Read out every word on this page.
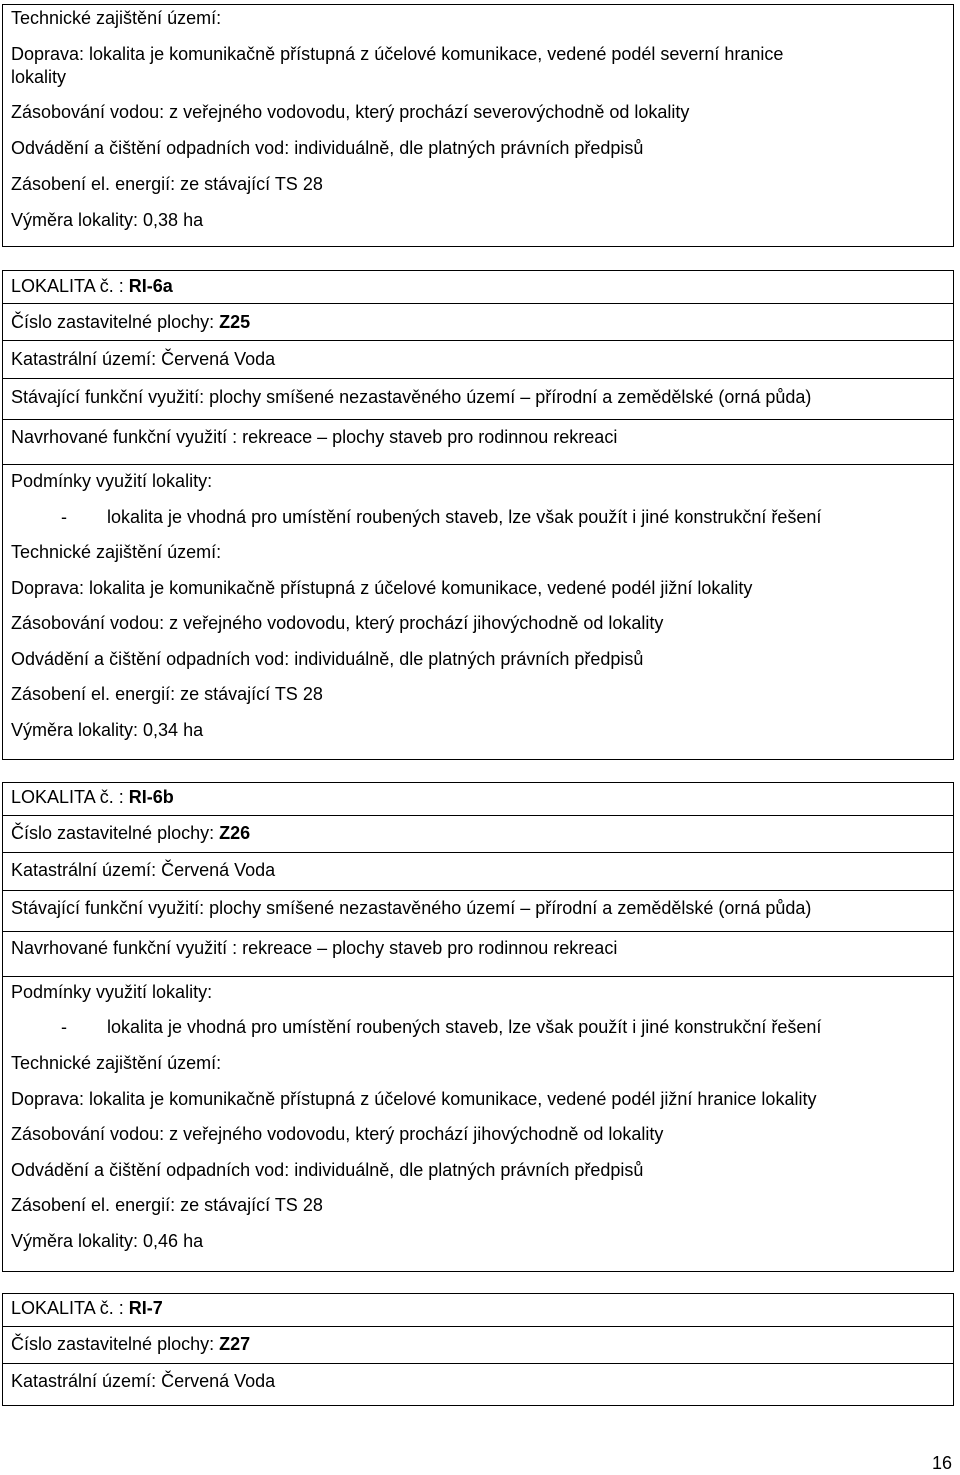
Technické zajištění území:
Doprava: lokalita je komunikačně přístupná z účelové komunikace, vedené podél severní hranice
lokality
Zásobování vodou: z veřejného vodovodu, který prochází severovýchodně od lokality
Odvádění a čištění odpadních vod: individuálně, dle platných právních předpisů
Zásobení el. energií: ze stávající TS 28
Výměra lokality: 0,38 ha
LOKALITA č. : RI-6a
Číslo zastavitelné plochy: Z25
Katastrální území: Červená Voda
Stávající funkční využití: plochy smíšené nezastavěného území – přírodní a zemědělské (orná půda)
Navrhované funkční využití : rekreace – plochy staveb pro rodinnou rekreaci
Podmínky využití lokality:
- lokalita je vhodná pro umístění roubených staveb, lze však použít i jiné konstrukční řešení
Technické zajištění území:
Doprava: lokalita je komunikačně přístupná z účelové komunikace, vedené podél jižní lokality
Zásobování vodou: z veřejného vodovodu, který prochází jihovýchodně od lokality
Odvádění a čištění odpadních vod: individuálně, dle platných právních předpisů
Zásobení el. energií: ze stávající TS 28
Výměra lokality: 0,34 ha
LOKALITA č. : RI-6b
Číslo zastavitelné plochy: Z26
Katastrální území: Červená Voda
Stávající funkční využití: plochy smíšené nezastavěného území – přírodní a zemědělské (orná půda)
Navrhované funkční využití : rekreace – plochy staveb pro rodinnou rekreaci
Podmínky využití lokality:
- lokalita je vhodná pro umístění roubených staveb, lze však použít i jiné konstrukční řešení
Technické zajištění území:
Doprava: lokalita je komunikačně přístupná z účelové komunikace, vedené podél jižní hranice lokality
Zásobování vodou: z veřejného vodovodu, který prochází jihovýchodně od lokality
Odvádění a čištění odpadních vod: individuálně, dle platných právních předpisů
Zásobení el. energií: ze stávající TS 28
Výměra lokality: 0,46 ha
LOKALITA č. : RI-7
Číslo zastavitelné plochy: Z27
Katastrální území: Červená Voda
16
